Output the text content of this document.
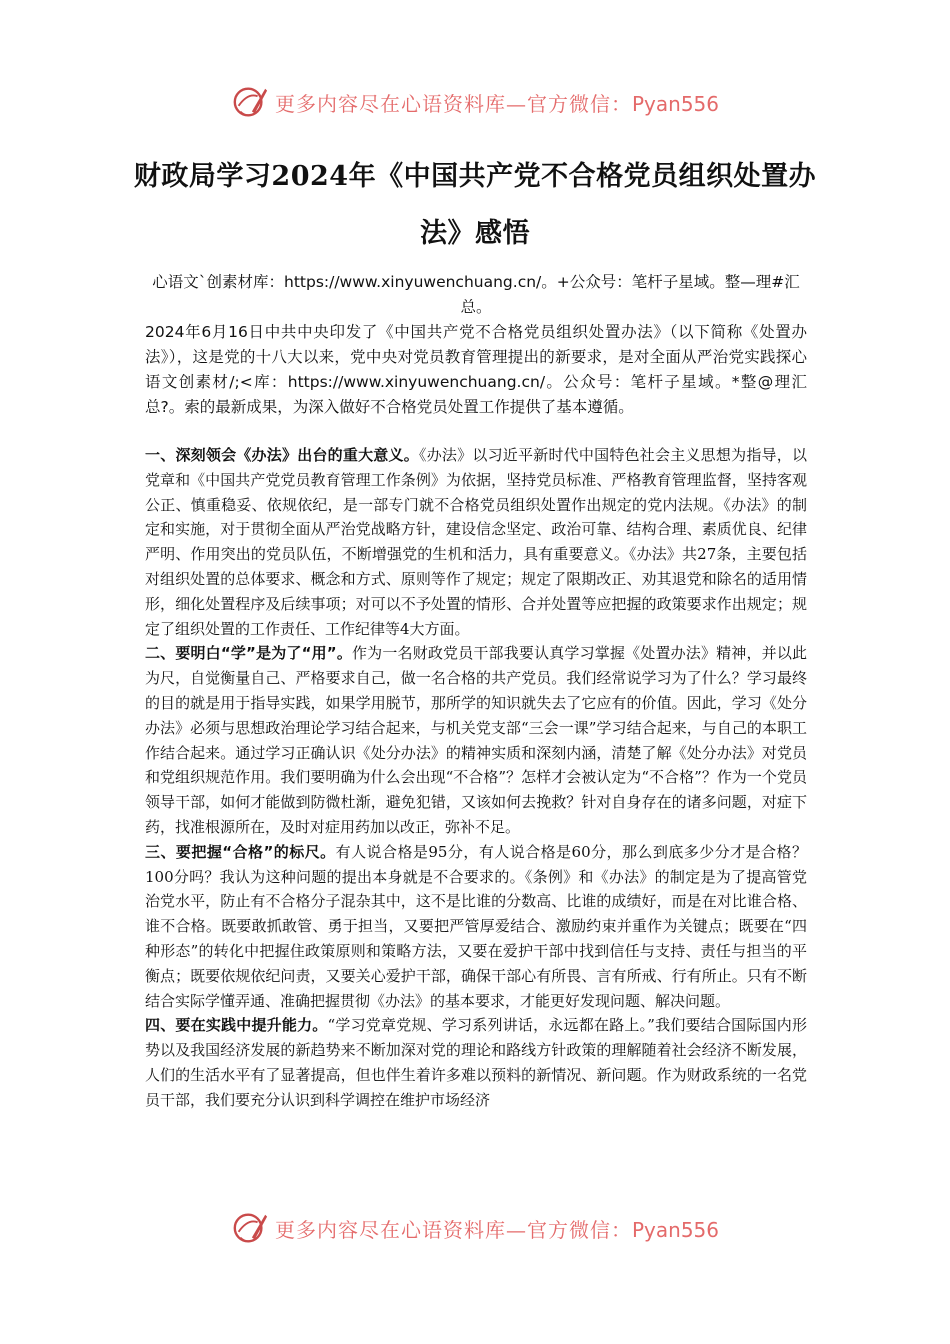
更多内容尽在心语资料库—官方微信：Pyan556
财政局学习2024年《中国共产党不合格党员组织处置办法》感悟

心语文`创素材库：https://www.xinyuwenchuang.cn/。+公众号：笔杆子星域。整—理#汇总。

2024年6月16日中共中央印发了《中国共产党不合格党员组织处置办法》（以下简称《处置办法》），这是党的十八大以来，党中央对党员教育管理提出的新要求，是对全面从严治党实践探心语文创素材/;<库：https://www.xinyuwenchuang.cn/。公众号：笔杆子星域。*整@理汇总?。索的最新成果，为深入做好不合格党员处置工作提供了基本遵循。

一、深刻领会《办法》出台的重大意义。《办法》以习近平新时代中国特色社会主义思想为指导，以党章和《中国共产党党员教育管理工作条例》为依据，坚持党员标准、严格教育管理监督，坚持客观公正、慎重稳妥、依规依纪，是一部专门就不合格党员组织处置作出规定的党内法规。《办法》的制定和实施，对于贯彻全面从严治党战略方针，建设信念坚定、政治可靠、结构合理、素质优良、纪律严明、作用突出的党员队伍，不断增强党的生机和活力，具有重要意义。《办法》共27条，主要包括对组织处置的总体要求、概念和方式、原则等作了规定；规定了限期改正、劝其退党和除名的适用情形，细化处置程序及后续事项；对可以不予处置的情形、合并处置等应把握的政策要求作出规定；规定了组织处置的工作责任、工作纪律等4大方面。

二、要明白“学”是为了“用”。作为一名财政党员干部我要认真学习掌握《处置办法》精神，并以此为尺，自觉衡量自己、严格要求自己，做一名合格的共产党员。我们经常说学习为了什么？学习最终的目的就是用于指导实践，如果学用脱节，那所学的知识就失去了它应有的价值。因此，学习《处分办法》必须与思想政治理论学习结合起来，与机关党支部“三会一课”学习结合起来，与自己的本职工作结合起来。通过学习正确认识《处分办法》的精神实质和深刻内涵，清楚了解《处分办法》对党员和党组织规范作用。我们要明确为什么会出现“不合格”？怎样才会被认定为“不合格”？作为一个党员领导干部，如何才能做到防微杜渐，避免犯错，又该如何去挽救？针对自身存在的诸多问题，对症下药，找准根源所在，及时对症用药加以改正，弥补不足。

三、要把握“合格”的标尺。有人说合格是95分，有人说合格是60分，那么到底多少分才是合格？100分吗？我认为这种问题的提出本身就是不合要求的。《条例》和《办法》的制定是为了提高管党治党水平，防止有不合格分子混杂其中，这不是比谁的分数高、比谁的成绩好，而是在对比谁合格、谁不合格。既要敢抓敢管、勇于担当，又要把严管厚爱结合、激励约束并重作为关键点；既要在“四种形态”的转化中把握住政策原则和策略方法，又要在爱护干部中找到信任与支持、责任与担当的平衡点；既要依规依纪问责，又要关心爱护干部，确保干部心有所畏、言有所戒、行有所止。只有不断结合实际学懂弄通、准确把握贯彻《办法》的基本要求，才能更好发现问题、解决问题。

四、要在实践中提升能力。“学习党章党规、学习系列讲话，永远都在路上。”我们要结合国际国内形势以及我国经济发展的新趋势来不断加深对党的理论和路线方针政策的理解随着社会经济不断发展，人们的生活水平有了显著提高，但也伴生着许多难以预料的新情况、新问题。作为财政系统的一名党员干部，我们要充分认识到科学调控在维护市场经济

更多内容尽在心语资料库—官方微信：Pyan556
